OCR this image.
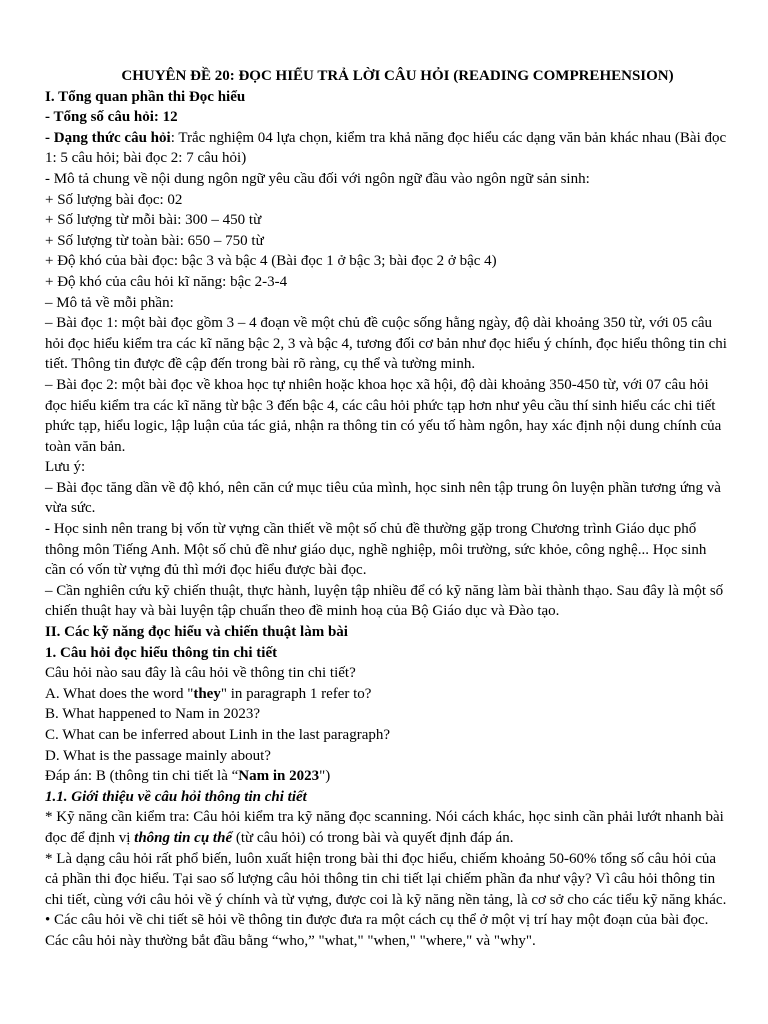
CHUYÊN ĐỀ 20: ĐỌC HIỂU TRẢ LỜI CÂU HỎI (READING COMPREHENSION)
I. Tổng quan phần thi Đọc hiểu
- Tổng số câu hỏi: 12
- Dạng thức câu hỏi: Trắc nghiệm 04 lựa chọn, kiểm tra khả năng đọc hiểu các dạng văn bản khác nhau (Bài đọc 1: 5 câu hỏi; bài đọc 2: 7 câu hỏi)
- Mô tả chung về nội dung ngôn ngữ yêu cầu đối với ngôn ngữ đầu vào ngôn ngữ sản sinh:
+ Số lượng bài đọc: 02
+ Số lượng từ mỗi bài: 300 – 450 từ
+ Số lượng từ toàn bài: 650 – 750 từ
+ Độ khó của bài đọc: bậc 3 và bậc 4 (Bài đọc 1 ở bậc 3; bài đọc 2 ở bậc 4)
+ Độ khó của câu hỏi kĩ năng: bậc 2-3-4
– Mô tả về mỗi phần:
– Bài đọc 1: một bài đọc gồm 3 – 4 đoạn về một chủ đề cuộc sống hằng ngày, độ dài khoảng 350 từ, với 05 câu hỏi đọc hiểu kiểm tra các kĩ năng bậc 2, 3 và bậc 4, tương đối cơ bản như đọc hiểu ý chính, đọc hiểu thông tin chi tiết. Thông tin được đề cập đến trong bài rõ ràng, cụ thể và tường minh.
– Bài đọc 2: một bài đọc về khoa học tự nhiên hoặc khoa học xã hội, độ dài khoảng 350-450 từ, với 07 câu hỏi đọc hiểu kiểm tra các kĩ năng từ bậc 3 đến bậc 4, các câu hỏi phức tạp hơn như yêu cầu thí sinh hiểu các chi tiết phức tạp, hiểu logic, lập luận của tác giả, nhận ra thông tin có yếu tố hàm ngôn, hay xác định nội dung chính của toàn văn bản.
Lưu ý:
– Bài đọc tăng dần về độ khó, nên căn cứ mục tiêu của mình, học sinh nên tập trung ôn luyện phần tương ứng và vừa sức.
- Học sinh nên trang bị vốn từ vựng cần thiết về một số chủ đề thường gặp trong Chương trình Giáo dục phổ thông môn Tiếng Anh. Một số chủ đề như giáo dục, nghề nghiệp, môi trường, sức khỏe, công nghệ... Học sinh cần có vốn từ vựng đủ thì mới đọc hiểu được bài đọc.
– Cần nghiên cứu kỹ chiến thuật, thực hành, luyện tập nhiều để có kỹ năng làm bài thành thạo. Sau đây là một số chiến thuật hay và bài luyện tập chuẩn theo đề minh hoạ của Bộ Giáo dục và Đào tạo.
II. Các kỹ năng đọc hiểu và chiến thuật làm bài
1. Câu hỏi đọc hiểu thông tin chi tiết
Câu hỏi nào sau đây là câu hỏi về thông tin chi tiết?
A. What does the word "they" in paragraph 1 refer to?
B. What happened to Nam in 2023?
C. What can be inferred about Linh in the last paragraph?
D. What is the passage mainly about?
Đáp án: B (thông tin chi tiết là “Nam in 2023")
1.1. Giới thiệu về câu hỏi thông tin chi tiết
* Kỹ năng cần kiểm tra: Câu hỏi kiểm tra kỹ năng đọc scanning. Nói cách khác, học sinh cần phải lướt nhanh bài đọc để định vị thông tin cụ thể (từ câu hỏi) có trong bài và quyết định đáp án.
* Là dạng câu hỏi rất phổ biến, luôn xuất hiện trong bài thi đọc hiểu, chiếm khoảng 50-60% tổng số câu hỏi của cả phần thi đọc hiểu. Tại sao số lượng câu hỏi thông tin chi tiết lại chiếm phần đa như vậy? Vì câu hỏi thông tin chi tiết, cùng với câu hỏi về ý chính và từ vựng, được coi là kỹ năng nền tảng, là cơ sở cho các tiểu kỹ năng khác.
• Các câu hỏi về chi tiết sẽ hỏi về thông tin được đưa ra một cách cụ thể ở một vị trí hay một đoạn của bài đọc. Các câu hỏi này thường bắt đầu bằng “who,” "what," "when," "where," và "why".
